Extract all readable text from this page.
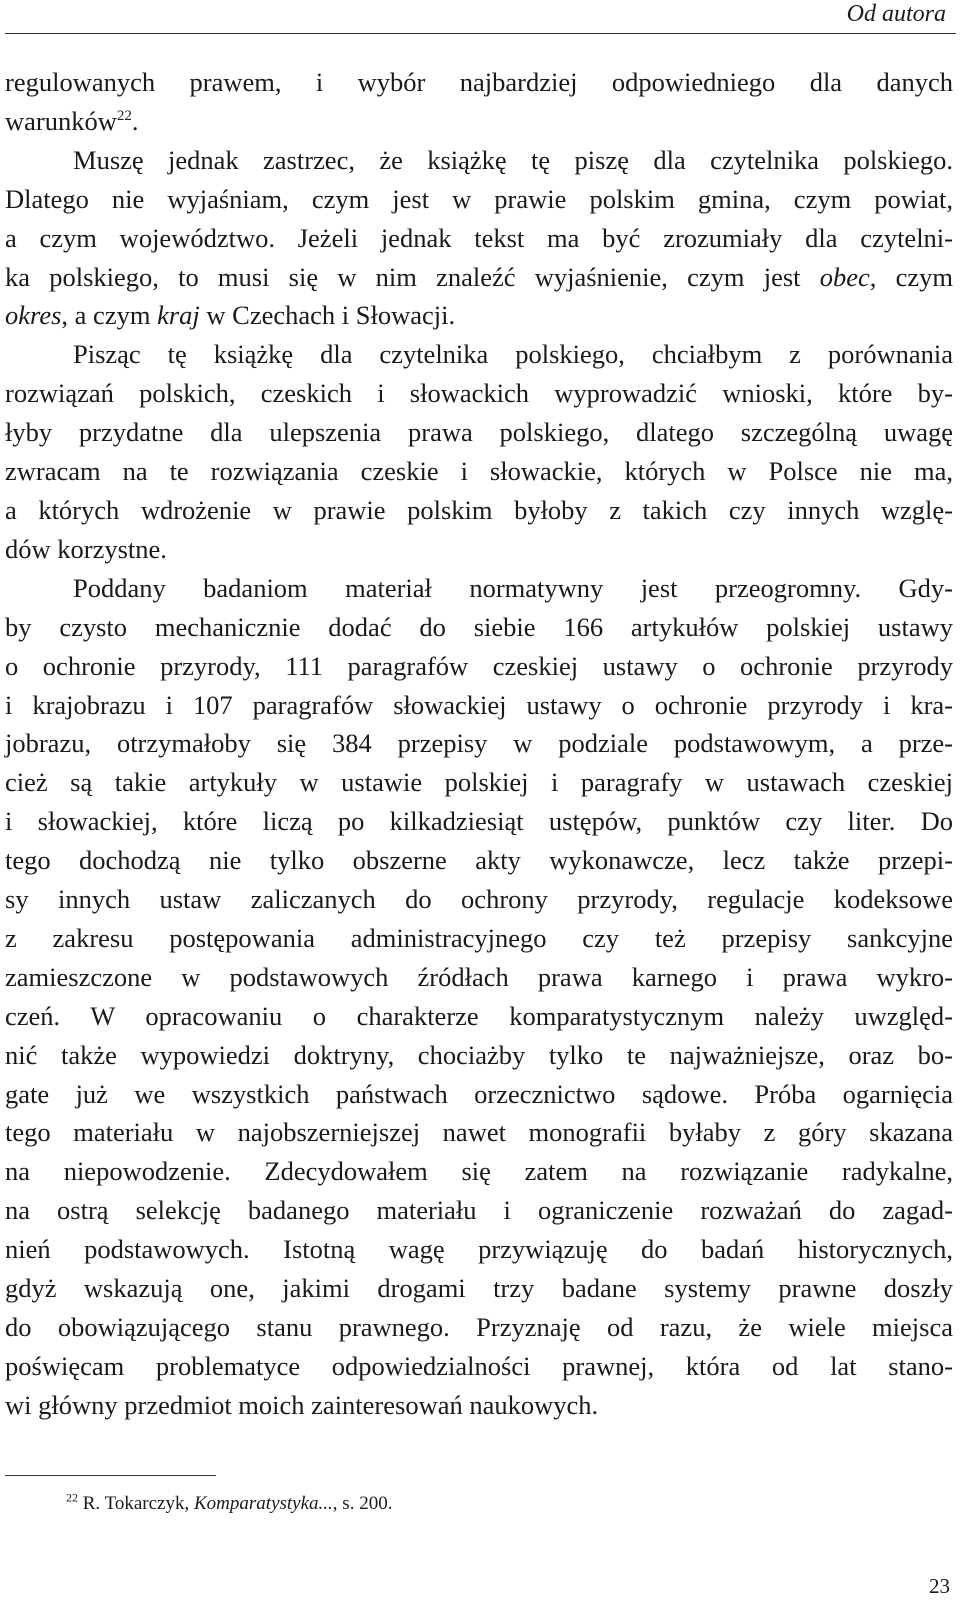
Od autora
regulowanych prawem, i wybór najbardziej odpowiedniego dla danych
warunków$^{22}$.
Muszę jednak zastrzec, że książkę tę piszę dla czytelnika polskiego.
Dlatego nie wyjaśniam, czym jest w prawie polskim gmina, czym powiat,
a czym województwo. Jeżeli jednak tekst ma być zrozumiały dla czytelni-
ka polskiego, to musi się w nim znaleźć wyjaśnienie, czym jest obec, czym
okres, a czym kraj w Czechach i Słowacji.
Pisząc tę książkę dla czytelnika polskiego, chciałbym z porównania
rozwiązań polskich, czeskich i słowackich wyprowadzić wnioski, które by-
łyby przydatne dla ulepszenia prawa polskiego, dlatego szczególną uwagę
zwracam na te rozwiązania czeskie i słowackie, których w Polsce nie ma,
a których wdrożenie w prawie polskim byłoby z takich czy innych wzglę-
dów korzystne.
Poddany badaniom materiał normatywny jest przeogromny. Gdy-
by czysto mechanicznie dodać do siebie 166 artykułów polskiej ustawy
o ochronie przyrody, 111 paragrafów czeskiej ustawy o ochronie przyrody
i krajobrazu i 107 paragrafów słowackiej ustawy o ochronie przyrody i kra-
jobrazu, otrzymałoby się 384 przepisy w podziale podstawowym, a prze-
cież są takie artykuły w ustawie polskiej i paragrafy w ustawach czeskiej
i słowackiej, które liczą po kilkadziesiąt ustępów, punktów czy liter. Do
tego dochodzą nie tylko obszerne akty wykonawcze, lecz także przepi-
sy innych ustaw zaliczanych do ochrony przyrody, regulacje kodeksowe
z zakresu postępowania administracyjnego czy też przepisy sankcyjne
zamieszczone w podstawowych źródłach prawa karnego i prawa wykro-
czeń. W opracowaniu o charakterze komparatystycznym należy uwzględ-
nić także wypowiedzi doktryny, chociażby tylko te najważniejsze, oraz bo-
gate już we wszystkich państwach orzecznictwo sądowe. Próba ogarnięcia
tego materiału w najobszerniejszej nawet monografii byłaby z góry skazana
na niepowodzenie. Zdecydowałem się zatem na rozwiązanie radykalne,
na ostrą selekcję badanego materiału i ograniczenie rozważań do zagad-
nień podstawowych. Istotną wagę przywiązuję do badań historycznych,
gdyż wskazują one, jakimi drogami trzy badane systemy prawne doszły
do obowiązującego stanu prawnego. Przyznaję od razu, że wiele miejsca
poświęcam problematyce odpowiedzialności prawnej, która od lat stano-
wi główny przedmiot moich zainteresowań naukowych.
$^{22}$ R. Tokarczyk, Komparatystyka..., s. 200.
23
